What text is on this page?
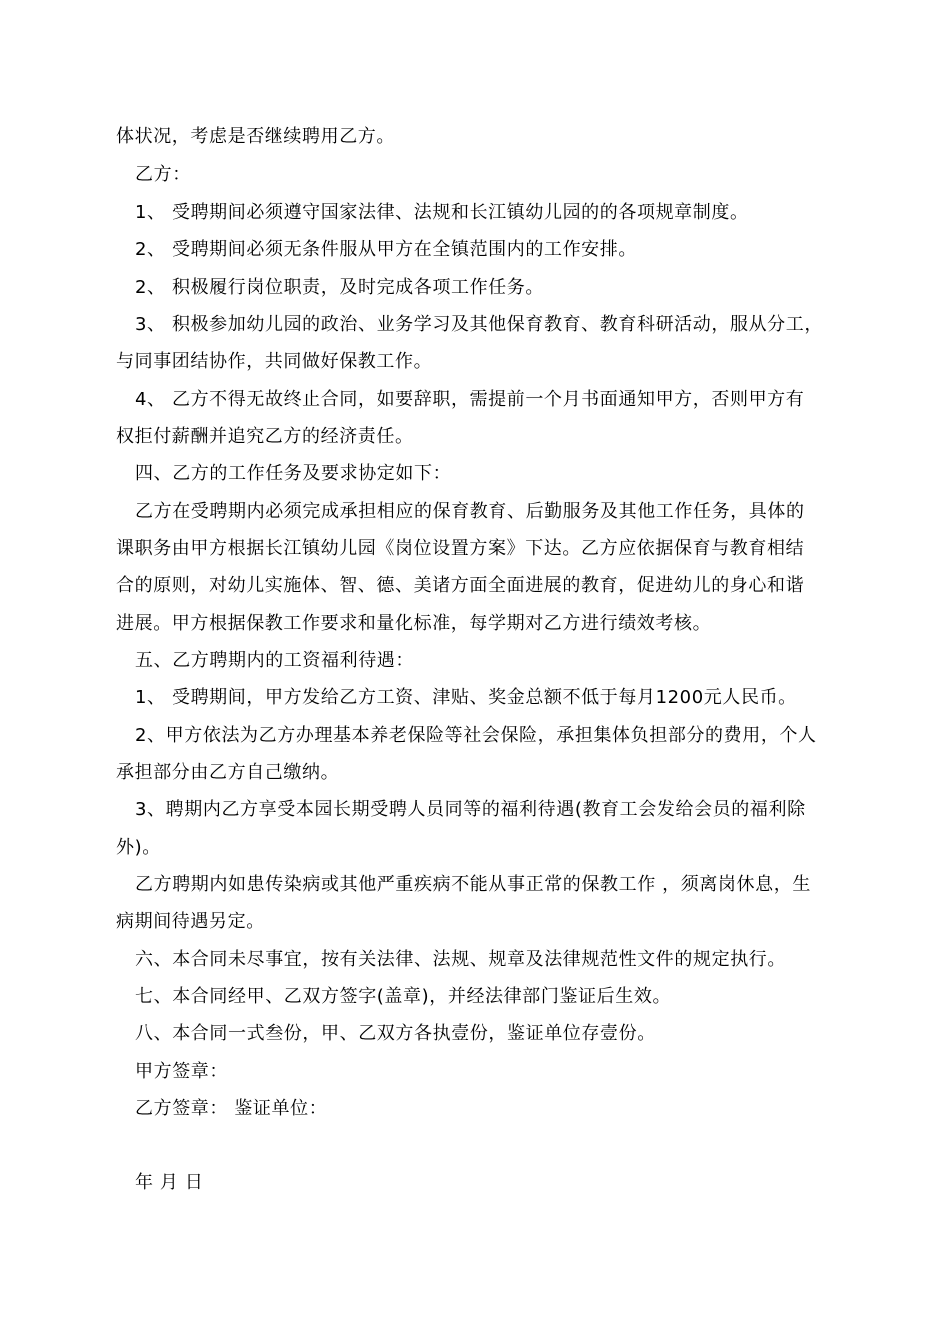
体状况，考虑是否继续聘用乙方。
乙方：
1、 受聘期间必须遵守国家法律、法规和长江镇幼儿园的的各项规章制度。
2、 受聘期间必须无条件服从甲方在全镇范围内的工作安排。
2、 积极履行岗位职责，及时完成各项工作任务。
3、 积极参加幼儿园的政治、业务学习及其他保育教育、教育科研活动，服从分工，
与同事团结协作，共同做好保教工作。
4、 乙方不得无故终止合同，如要辞职，需提前一个月书面通知甲方，否则甲方有
权拒付薪酬并追究乙方的经济责任。
四、乙方的工作任务及要求协定如下：
乙方在受聘期内必须完成承担相应的保育教育、后勤服务及其他工作任务，具体的
课职务由甲方根据长江镇幼儿园《岗位设置方案》下达。乙方应依据保育与教育相结
合的原则，对幼儿实施体、智、德、美诸方面全面进展的教育，促进幼儿的身心和谐
进展。甲方根据保教工作要求和量化标准，每学期对乙方进行绩效考核。
五、乙方聘期内的工资福利待遇：
1、 受聘期间，甲方发给乙方工资、津贴、奖金总额不低于每月1200元人民币。
2、甲方依法为乙方办理基本养老保险等社会保险，承担集体负担部分的费用，个人
承担部分由乙方自己缴纳。
3、聘期内乙方享受本园长期受聘人员同等的福利待遇(教育工会发给会员的福利除
外)。
乙方聘期内如患传染病或其他严重疾病不能从事正常的保教工作 ，须离岗休息，生
病期间待遇另定。
六、本合同未尽事宜，按有关法律、法规、规章及法律规范性文件的规定执行。
七、本合同经甲、乙双方签字(盖章)，并经法律部门鉴证后生效。
八、本合同一式叁份，甲、乙双方各执壹份，鉴证单位存壹份。
甲方签章：
乙方签章： 鉴证单位：
年 月 日
